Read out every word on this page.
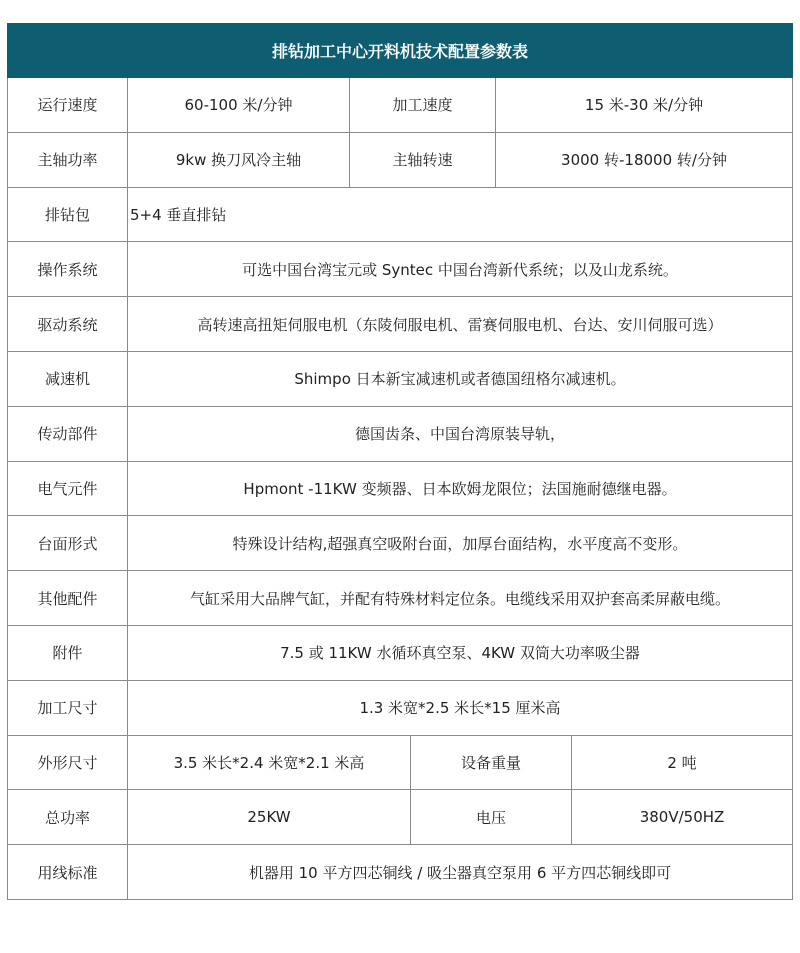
排钻加工中心开料机技术配置参数表
运行速度	60-100 米/分钟	加工速度	15 米-30 米/分钟
主轴功率	9kw 换刀风冷主轴	主轴转速	3000 转-18000 转/分钟
排钻包	5+4 垂直排钻
操作系统	可选中国台湾宝元或 Syntec 中国台湾新代系统；以及山龙系统。
驱动系统	高转速高扭矩伺服电机（东陵伺服电机、雷赛伺服电机、台达、安川伺服可选）
减速机	Shimpo 日本新宝减速机或者德国纽格尔减速机。
传动部件	德国齿条、中国台湾原装导轨，
电气元件	Hpmont -11KW 变频器、日本欧姆龙限位；法国施耐德继电器。
台面形式	特殊设计结构,超强真空吸附台面，加厚台面结构，水平度高不变形。
其他配件	气缸采用大品牌气缸，并配有特殊材料定位条。电缆线采用双护套高柔屏蔽电缆。
附件	7.5 或 11KW 水循环真空泵、4KW 双筒大功率吸尘器
加工尺寸	1.3 米宽*2.5 米长*15 厘米高
外形尺寸	3.5 米长*2.4 米宽*2.1 米高	设备重量	2 吨
总功率	25KW	电压	380V/50HZ
用线标准	机器用 10 平方四芯铜线 / 吸尘器真空泵用 6 平方四芯铜线即可
